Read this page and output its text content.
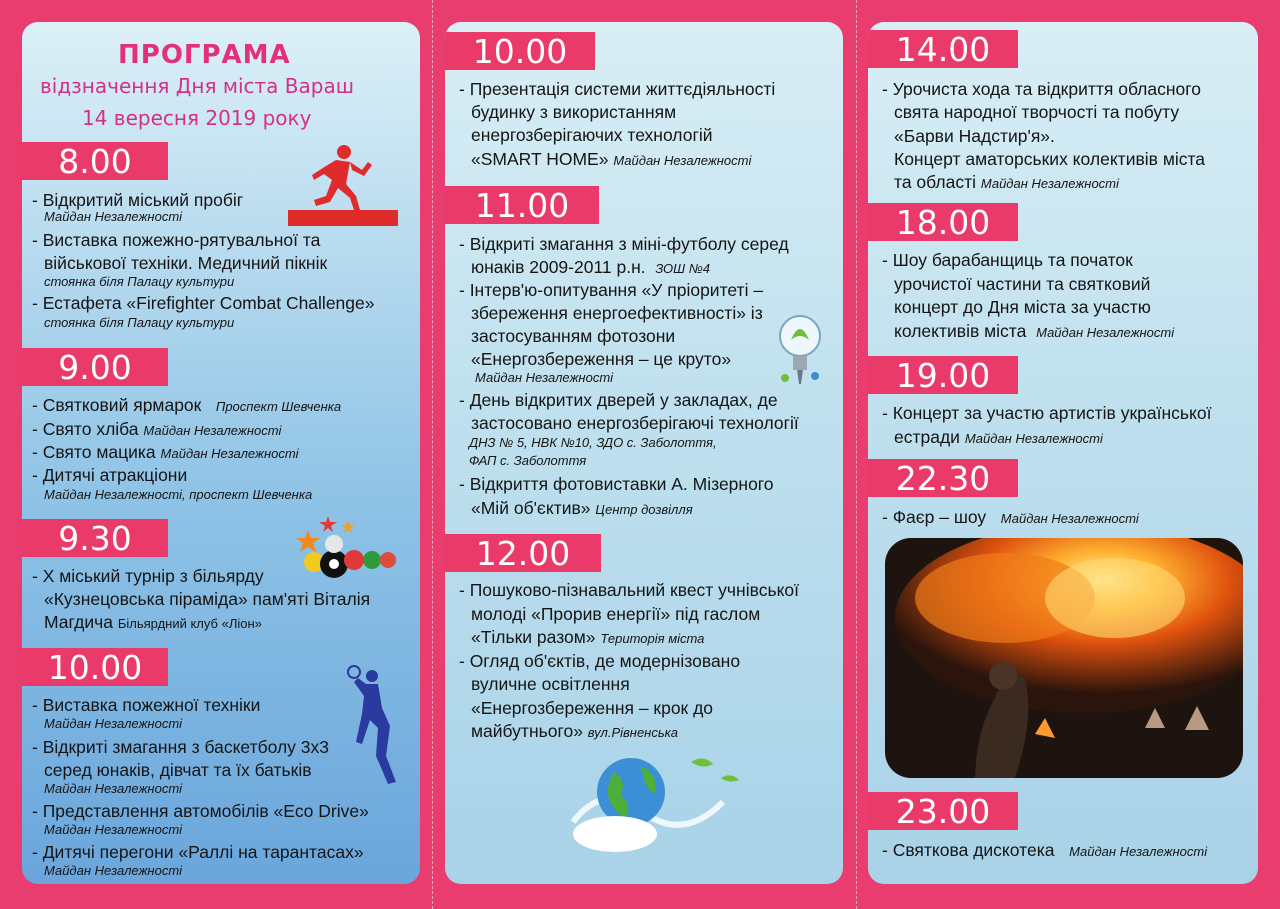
ПРОГРАМА
відзначення Дня міста Вараш
14 вересня 2019 року
8.00
- Відкритий міський пробіг
Майдан Незалежності
- Виставка пожежно-рятувальної та
військової техніки. Медичний пікнік
стоянка біля Палацу культури
- Естафета «Firefighter Combat Challenge»
стоянка біля Палацу культури
9.00
- Святковий ярмарок Проспект Шевченка
- Свято хліба Майдан Незалежності
- Свято мацика Майдан Незалежності
- Дитячі атракціони
Майдан Незалежності, проспект Шевченка
9.30
- Х міський турнір з більярду
«Кузнецовська піраміда» пам'яті Віталія
Магдича Більярдний клуб «Ліон»
10.00
- Виставка пожежної техніки
Майдан Незалежності
- Відкриті змагання з баскетболу 3х3
серед юнаків, дівчат та їх батьків
Майдан Незалежності
- Представлення автомобілів «Eco Drive»
Майдан Незалежності
- Дитячі перегони «Раллі на тарантасах»
Майдан Незалежності
10.00
- Презентація системи життєдіяльності
будинку з використанням
енергозберігаючих технологій
«SMART HOME» Майдан Незалежності
11.00
- Відкриті змагання з міні-футболу серед
юнаків 2009-2011 р.н. ЗОШ №4
- Інтерв'ю-опитування «У пріоритеті –
збереження енергоефективності» із
застосуванням фотозони
«Енергозбереження – це круто»
Майдан Незалежності
- День відкритих дверей у закладах, де
застосовано енергозберігаючі технології
ДНЗ № 5, НВК №10, ЗДО с. Заболоття,
ФАП с. Заболоття
- Відкриття фотовиставки А. Мізерного
«Мій об'єктив» Центр дозвілля
12.00
- Пошуково-пізнавальний квест учнівської
молоді «Прорив енергії» під гаслом
«Тільки разом» Територія міста
- Огляд об'єктів, де модернізовано
вуличне освітлення
«Енергозбереження – крок до
майбутнього» вул.Рівненська
14.00
- Урочиста хода та відкриття обласного
свята народної творчості та побуту
«Барви Надстир'я».
Концерт аматорських колективів міста
та області Майдан Незалежності
18.00
- Шоу барабанщиць та початок
урочистої частини та святковий
концерт до Дня міста за участю
колективів міста Майдан Незалежності
19.00
- Концерт за участю артистів української
естради Майдан Незалежності
22.30
- Фаєр – шоу Майдан Незалежності
23.00
- Святкова дискотека Майдан Незалежності
